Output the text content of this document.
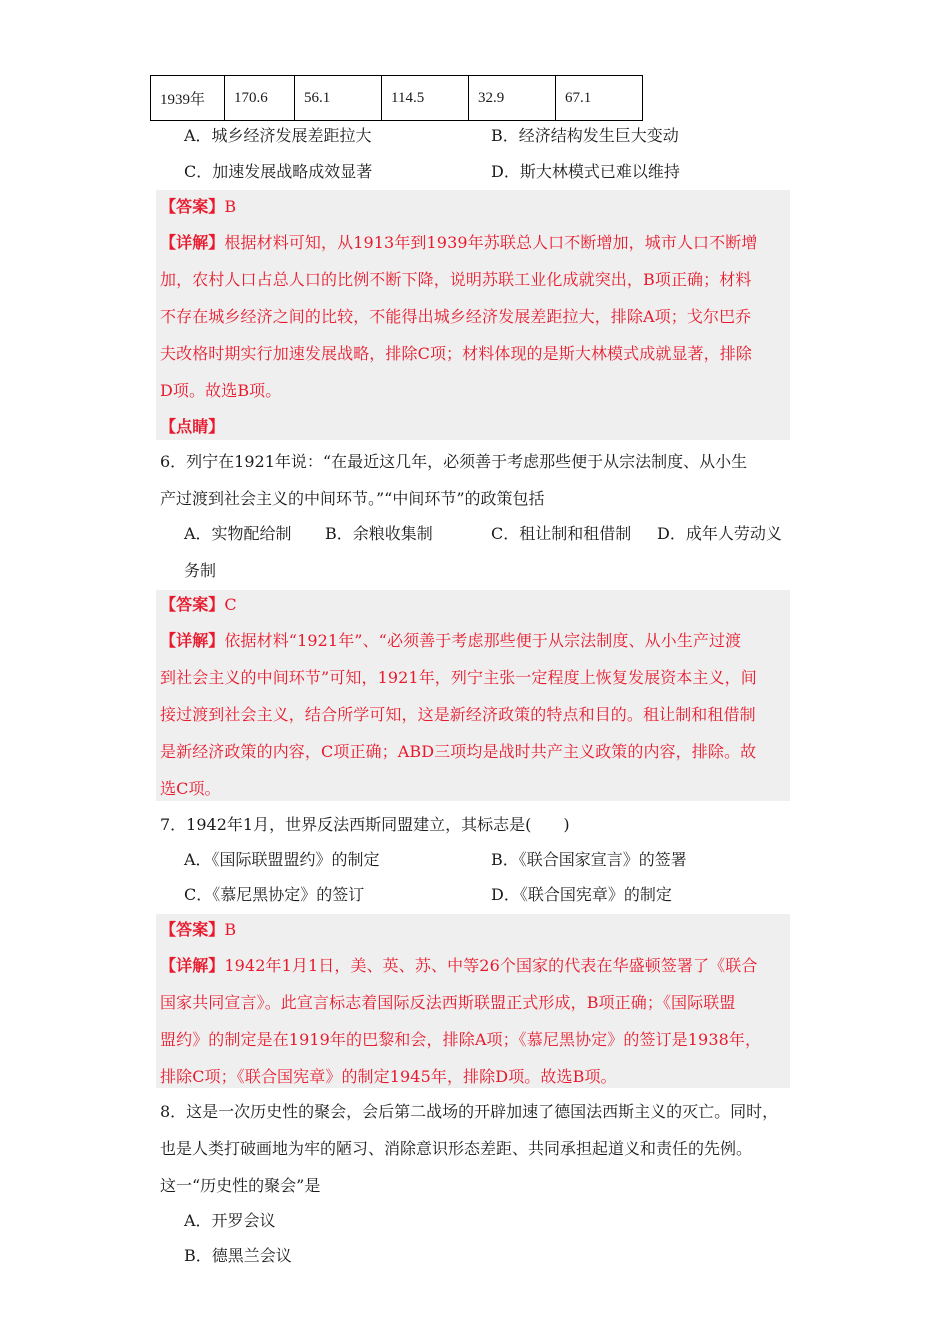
1939年	170.6	56.1	114.5	32.9	67.1
A．城乡经济发展差距拉大	B．经济结构发生巨大变动
C．加速发展战略成效显著	D．斯大林模式已难以维持
【答案】B
【详解】根据材料可知，从1913年到1939年苏联总人口不断增加，城市人口不断增
加，农村人口占总人口的比例不断下降，说明苏联工业化成就突出，B项正确；材料
不存在城乡经济之间的比较，不能得出城乡经济发展差距拉大，排除A项；戈尔巴乔
夫改格时期实行加速发展战略，排除C项；材料体现的是斯大林模式成就显著，排除
D项。故选B项。
【点睛】
6．列宁在1921年说：“在最近这几年，必须善于考虑那些便于从宗法制度、从小生
产过渡到社会主义的中间环节。”“中间环节”的政策包括
A．实物配给制 B．余粮收集制	C．租让制和租借制 D．成年人劳动义
务制
【答案】C
【详解】依据材料“1921年”、“必须善于考虑那些便于从宗法制度、从小生产过渡
到社会主义的中间环节”可知，1921年，列宁主张一定程度上恢复发展资本主义，间
接过渡到社会主义，结合所学可知，这是新经济政策的特点和目的。租让制和租借制
是新经济政策的内容，C项正确；ABD三项均是战时共产主义政策的内容，排除。故
选C项。
7．1942年1月，世界反法西斯同盟建立，其标志是(　　)
A．《国际联盟盟约》的制定	B．《联合国家宣言》的签署
C．《慕尼黑协定》的签订	D．《联合国宪章》的制定
【答案】B
【详解】1942年1月1日，美、英、苏、中等26个国家的代表在华盛顿签署了《联合
国家共同宣言》。此宣言标志着国际反法西斯联盟正式形成，B项正确；《国际联盟
盟约》的制定是在1919年的巴黎和会，排除A项；《慕尼黑协定》的签订是1938年，
排除C项；《联合国宪章》的制定1945年，排除D项。故选B项。
8．这是一次历史性的聚会，会后第二战场的开辟加速了德国法西斯主义的灭亡。同时，
也是人类打破画地为牢的陋习、消除意识形态差距、共同承担起道义和责任的先例。
这一“历史性的聚会”是
A．开罗会议
B．德黑兰会议
